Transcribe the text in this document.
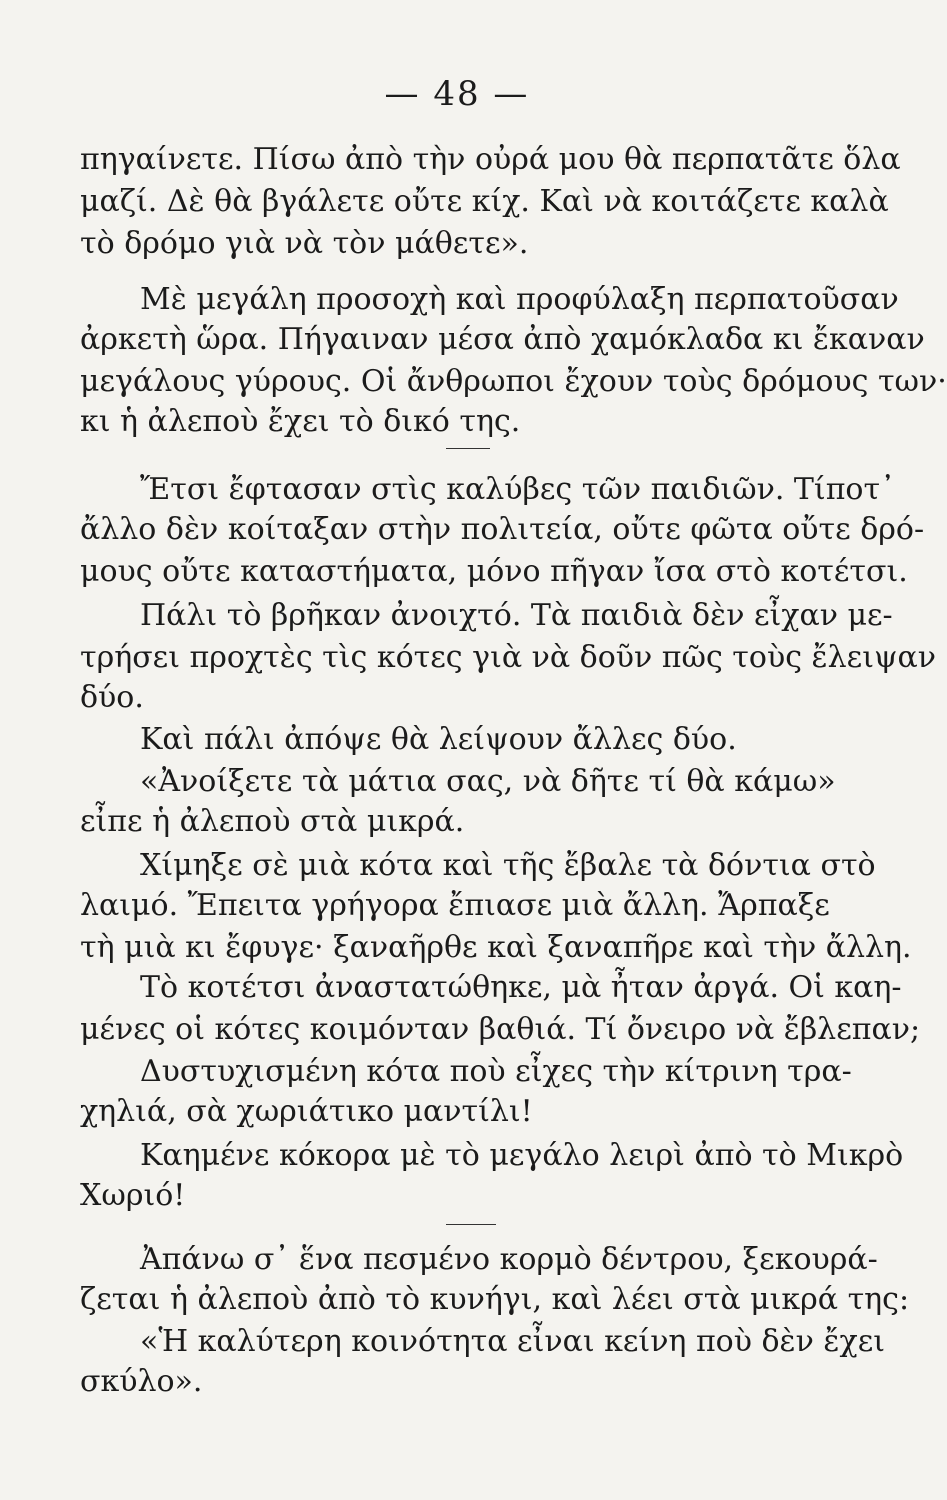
— 48 —
πηγαίνετε. Πίσω ἀπὸ τὴν οὐρά μου θὰ περπατᾶτε ὅλα
μαζί. Δὲ θὰ βγάλετε οὔτε κίχ. Καὶ νὰ κοιτάζετε καλὰ
τὸ δρόμο γιὰ νὰ τὸν μάθετε».
Μὲ μεγάλη προσοχὴ καὶ προφύλαξη περπατοῦσαν
ἀρκετὴ ὥρα. Πήγαιναν μέσα ἀπὸ χαμόκλαδα κι ἔκαναν
μεγάλους γύρους. Οἱ ἄνθρωποι ἔχουν τοὺς δρόμους των·
κι ἡ ἀλεποὺ ἔχει τὸ δικό της.
Ἔτσι ἔφτασαν στὶς καλύβες τῶν παιδιῶν. Τίποτ᾽
ἄλλο δὲν κοίταξαν στὴν πολιτεία, οὔτε φῶτα οὔτε δρό-
μους οὔτε καταστήματα, μόνο πῆγαν ἴσα στὸ κοτέτσι.
Πάλι τὸ βρῆκαν ἀνοιχτό. Τὰ παιδιὰ δὲν εἶχαν με-
τρήσει προχτὲς τὶς κότες γιὰ νὰ δοῦν πῶς τοὺς ἔλειψαν
δύο.
Καὶ πάλι ἀπόψε θὰ λείψουν ἄλλες δύο.
«Ἀνοίξετε τὰ μάτια σας, νὰ δῆτε τί θὰ κάμω»
εἶπε ἡ ἀλεποὺ στὰ μικρά.
Χίμηξε σὲ μιὰ κότα καὶ τῆς ἔβαλε τὰ δόντια στὸ
λαιμό. Ἔπειτα γρήγορα ἔπιασε μιὰ ἄλλη. Ἄρπαξε
τὴ μιὰ κι ἔφυγε· ξαναῆρθε καὶ ξαναπῆρε καὶ τὴν ἄλλη.
Τὸ κοτέτσι ἀναστατώθηκε, μὰ ἦταν ἀργά. Οἱ καη-
μένες οἱ κότες κοιμόνταν βαθιά. Τί ὄνειρο νὰ ἔβλεπαν;
Δυστυχισμένη κότα ποὺ εἶχες τὴν κίτρινη τρα-
χηλιά, σὰ χωριάτικο μαντίλι!
Καημένε κόκορα μὲ τὸ μεγάλο λειρὶ ἀπὸ τὸ Μικρὸ
Χωριό!
Ἀπάνω σ᾽ ἕνα πεσμένο κορμὸ δέντρου, ξεκουρά-
ζεται ἡ ἀλεποὺ ἀπὸ τὸ κυνήγι, καὶ λέει στὰ μικρά της:
«Ἡ καλύτερη κοινότητα εἶναι κείνη ποὺ δὲν ἔχει
σκύλο».
